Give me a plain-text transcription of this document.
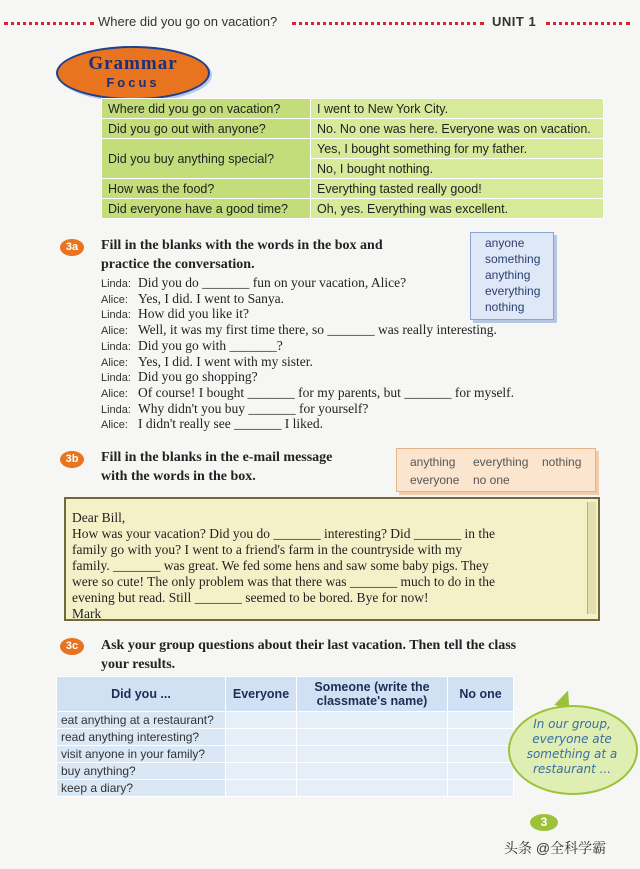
Where did you go on vacation?	UNIT 1
Grammar
Focus
Where did you go on vacation?	I went to New York City.
Did you go out with anyone?	No. No one was here. Everyone was on vacation.
Did you buy anything special?	Yes, I bought something for my father.
	No, I bought nothing.
How was the food?	Everything tasted really good!
Did everyone have a good time?	Oh, yes. Everything was excellent.
3a	Fill in the blanks with the words in the box and
practice the conversation.
anyone
something
anything
everything
nothing
Linda: Did you do _______ fun on your vacation, Alice?
Alice: Yes, I did. I went to Sanya.
Linda: How did you like it?
Alice: Well, it was my first time there, so _______ was really interesting.
Linda: Did you go with _______?
Alice: Yes, I did. I went with my sister.
Linda: Did you go shopping?
Alice: Of course! I bought _______ for my parents, but _______ for myself.
Linda: Why didn't you buy _______ for yourself?
Alice: I didn't really see _______ I liked.
3b	Fill in the blanks in the e-mail message
with the words in the box.
anything everything nothing
everyone no one
Dear Bill,
How was your vacation? Did you do _______ interesting? Did _______ in the
family go with you? I went to a friend's farm in the countryside with my
family. _______ was great. We fed some hens and saw some baby pigs. They
were so cute! The only problem was that there was _______ much to do in the
evening but read. Still _______ seemed to be bored. Bye for now!
Mark
3c	Ask your group questions about their last vacation. Then tell the class
your results.
Did you ...	Everyone	Someone (write the classmate's name)	No one
eat anything at a restaurant?			
read anything interesting?			
visit anyone in your family?			
buy anything?			
keep a diary?			
In our group,
everyone ate
something at a
restaurant ...
3
头条 @全科学霸
